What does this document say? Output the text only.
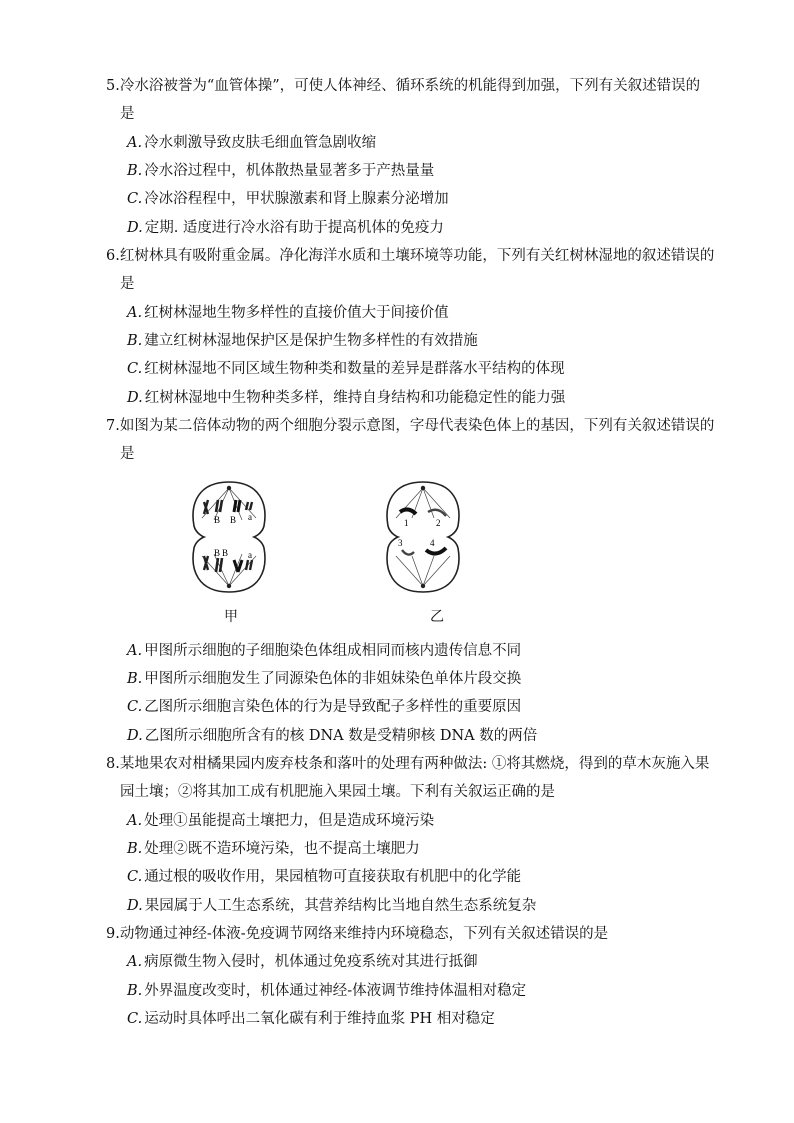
5.冷水浴被誉为“血管体操”，可使人体神经、循环系统的机能得到加强，下列有关叙述错误的
是
A. 冷水刺激导致皮肤毛细血管急剧收缩
B. 冷水浴过程中，机体散热量显著多于产热量量
C. 冷冰浴程程中，甲状腺激素和肾上腺素分泌增加
D. 定期. 适度进行冷水浴有助于提高机体的免疫力
6.红树林具有吸附重金属。净化海洋水质和土壤环境等功能，下列有关红树林湿地的叙述错误的
是
A. 红树林湿地生物多样性的直接价值大于间接价值
B. 建立红树林湿地保护区是保护生物多样性的有效措施
C. 红树林湿地不同区域生物种类和数量的差异是群落水平结构的体现
D. 红树林湿地中生物种类多样，维持自身结构和功能稳定性的能力强
7.如图为某二倍体动物的两个细胞分裂示意图，字母代表染色体上的基因，下列有关叙述错误的
是
B B a
B B a
1	2
3	4
甲	乙
A. 甲图所示细胞的子细胞染色体组成相同而核内遗传信息不同
B. 甲图所示细胞发生了同源染色体的非姐妹染色单体片段交换
C. 乙图所示细胞言染色体的行为是导致配子多样性的重要原因
D. 乙图所示细胞所含有的核 DNA 数是受精卵核 DNA 数的两倍
8.某地果农对柑橘果园内废弃枝条和落叶的处理有两种做法: ①将其燃烧，得到的草木灰施入果
园土壤；②将其加工成有机肥施入果园土壤。下利有关叙运正确的是
A. 处理①虽能提高土壤把力，但是造成环境污染
B. 处理②既不造环境污染，也不提高土壤肥力
C. 通过根的吸收作用，果园植物可直接获取有机肥中的化学能
D. 果园属于人工生态系统，其营养结构比当地自然生态系统复杂
9.动物通过神经-体液-免疫调节网络来维持内环境稳态，下列有关叙述错误的是
A. 病原微生物入侵时，机体通过免疫系统对其进行抵御
B. 外界温度改变时，机体通过神经-体液调节维持体温相对稳定
C. 运动时具体呼出二氧化碳有利于维持血浆 PH 相对稳定
